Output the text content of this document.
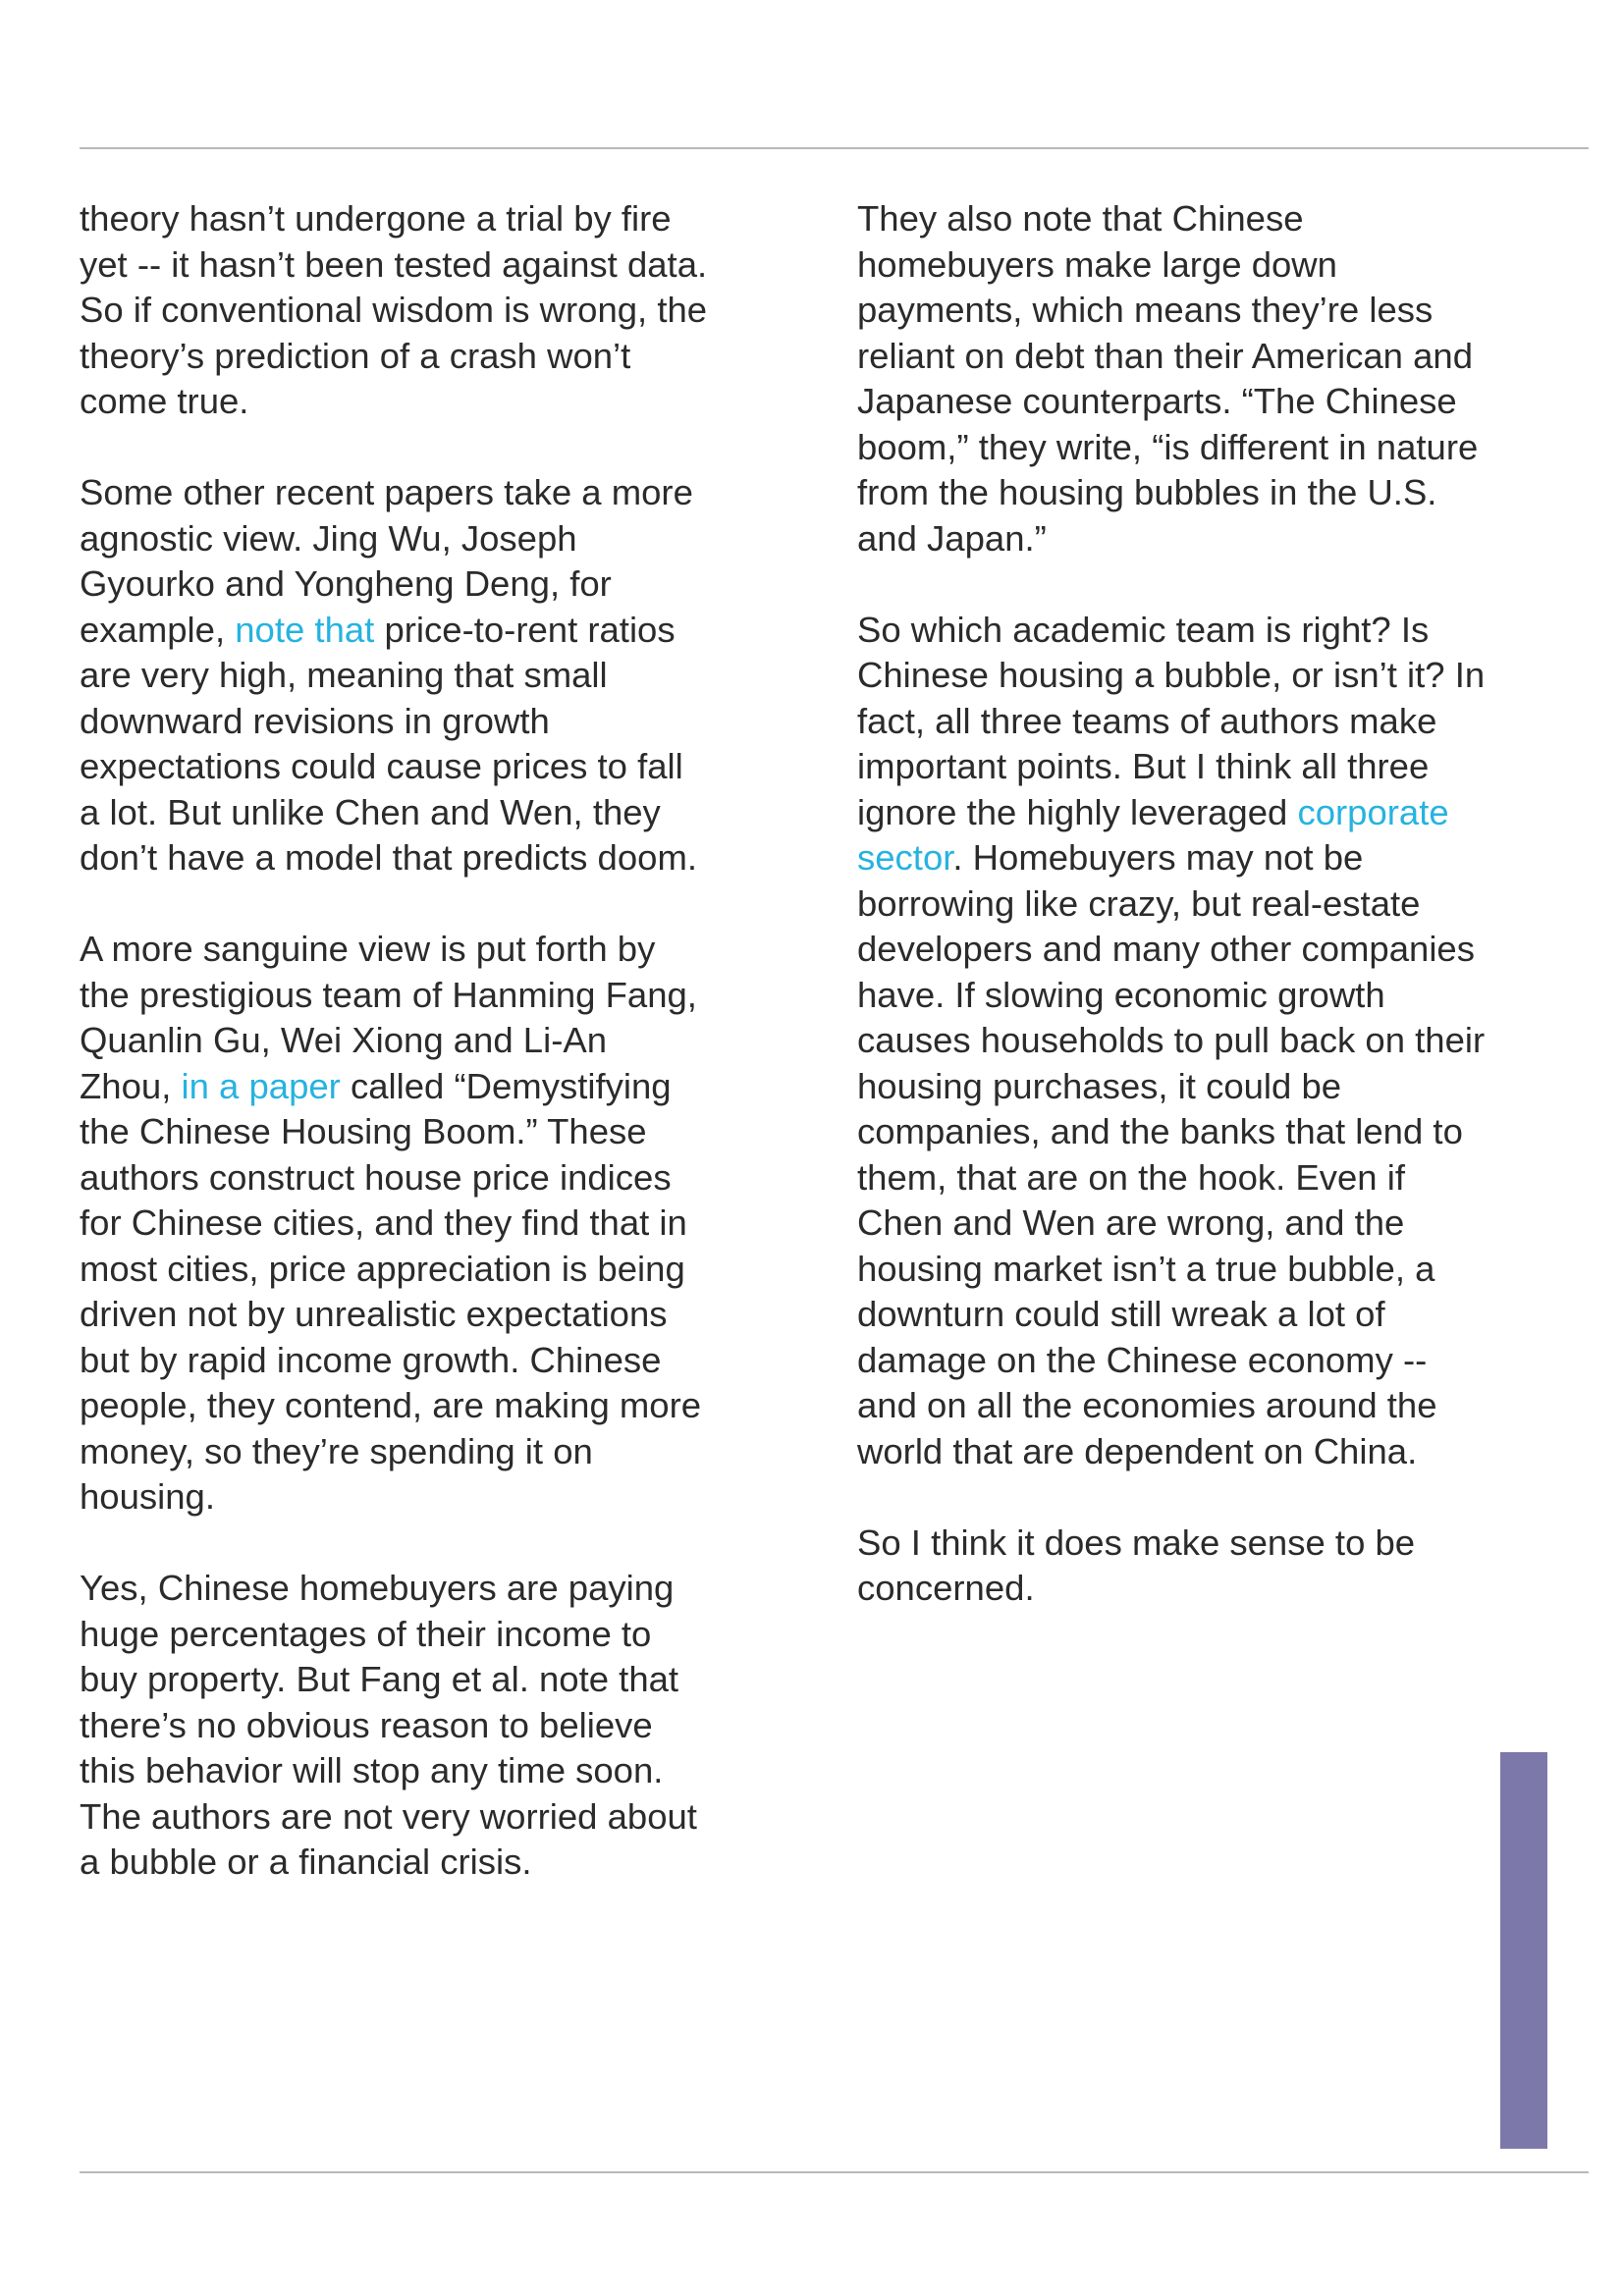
theory hasn’t undergone a trial by fire
yet -- it hasn’t been tested against data.
So if conventional wisdom is wrong, the
theory’s prediction of a crash won’t
come true.

Some other recent papers take a more
agnostic view. Jing Wu, Joseph
Gyourko and Yongheng Deng, for
example, note that price-to-rent ratios
are very high, meaning that small
downward revisions in growth
expectations could cause prices to fall
a lot. But unlike Chen and Wen, they
don’t have a model that predicts doom.

A more sanguine view is put forth by
the prestigious team of Hanming Fang,
Quanlin Gu, Wei Xiong and Li-An
Zhou, in a paper called “Demystifying
the Chinese Housing Boom.” These
authors construct house price indices
for Chinese cities, and they find that in
most cities, price appreciation is being
driven not by unrealistic expectations
but by rapid income growth. Chinese
people, they contend, are making more
money, so they’re spending it on
housing.

Yes, Chinese homebuyers are paying
huge percentages of their income to
buy property. But Fang et al. note that
there’s no obvious reason to believe
this behavior will stop any time soon.
The authors are not very worried about
a bubble or a financial crisis.

They also note that Chinese
homebuyers make large down
payments, which means they’re less
reliant on debt than their American and
Japanese counterparts. “The Chinese
boom,” they write, “is different in nature
from the housing bubbles in the U.S.
and Japan.”

So which academic team is right? Is
Chinese housing a bubble, or isn’t it? In
fact, all three teams of authors make
important points. But I think all three
ignore the highly leveraged corporate
sector. Homebuyers may not be
borrowing like crazy, but real-estate
developers and many other companies
have. If slowing economic growth
causes households to pull back on their
housing purchases, it could be
companies, and the banks that lend to
them, that are on the hook. Even if
Chen and Wen are wrong, and the
housing market isn’t a true bubble, a
downturn could still wreak a lot of
damage on the Chinese economy --
and on all the economies around the
world that are dependent on China.

So I think it does make sense to be
concerned.
